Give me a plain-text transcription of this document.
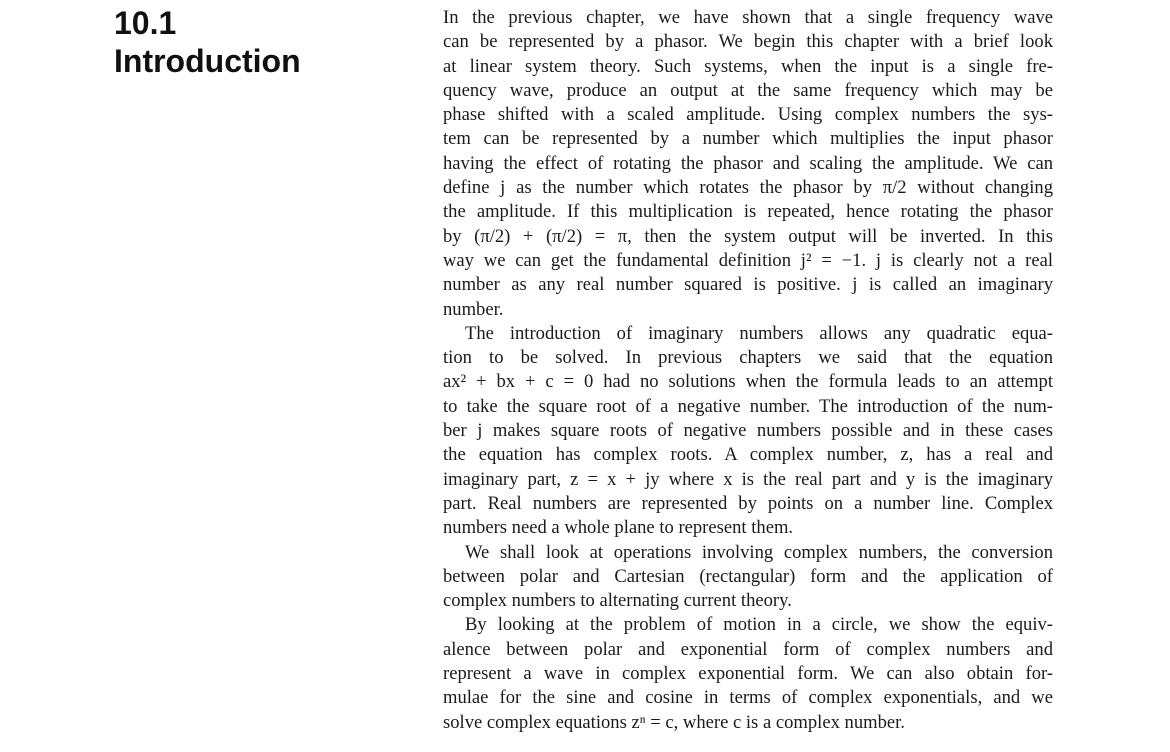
10.1
Introduction
In the previous chapter, we have shown that a single frequency wave
can be represented by a phasor. We begin this chapter with a brief look
at linear system theory. Such systems, when the input is a single fre-
quency wave, produce an output at the same frequency which may be
phase shifted with a scaled amplitude. Using complex numbers the sys-
tem can be represented by a number which multiplies the input phasor
having the effect of rotating the phasor and scaling the amplitude. We can
define j as the number which rotates the phasor by π/2 without changing
the amplitude. If this multiplication is repeated, hence rotating the phasor
by (π/2) + (π/2) = π, then the system output will be inverted. In this
way we can get the fundamental definition j² = −1. j is clearly not a real
number as any real number squared is positive. j is called an imaginary
number.
The introduction of imaginary numbers allows any quadratic equa-
tion to be solved. In previous chapters we said that the equation
ax² + bx + c = 0 had no solutions when the formula leads to an attempt
to take the square root of a negative number. The introduction of the num-
ber j makes square roots of negative numbers possible and in these cases
the equation has complex roots. A complex number, z, has a real and
imaginary part, z = x + jy where x is the real part and y is the imaginary
part. Real numbers are represented by points on a number line. Complex
numbers need a whole plane to represent them.
We shall look at operations involving complex numbers, the conversion
between polar and Cartesian (rectangular) form and the application of
complex numbers to alternating current theory.
By looking at the problem of motion in a circle, we show the equiv-
alence between polar and exponential form of complex numbers and
represent a wave in complex exponential form. We can also obtain for-
mulae for the sine and cosine in terms of complex exponentials, and we
solve complex equations zⁿ = c, where c is a complex number.
